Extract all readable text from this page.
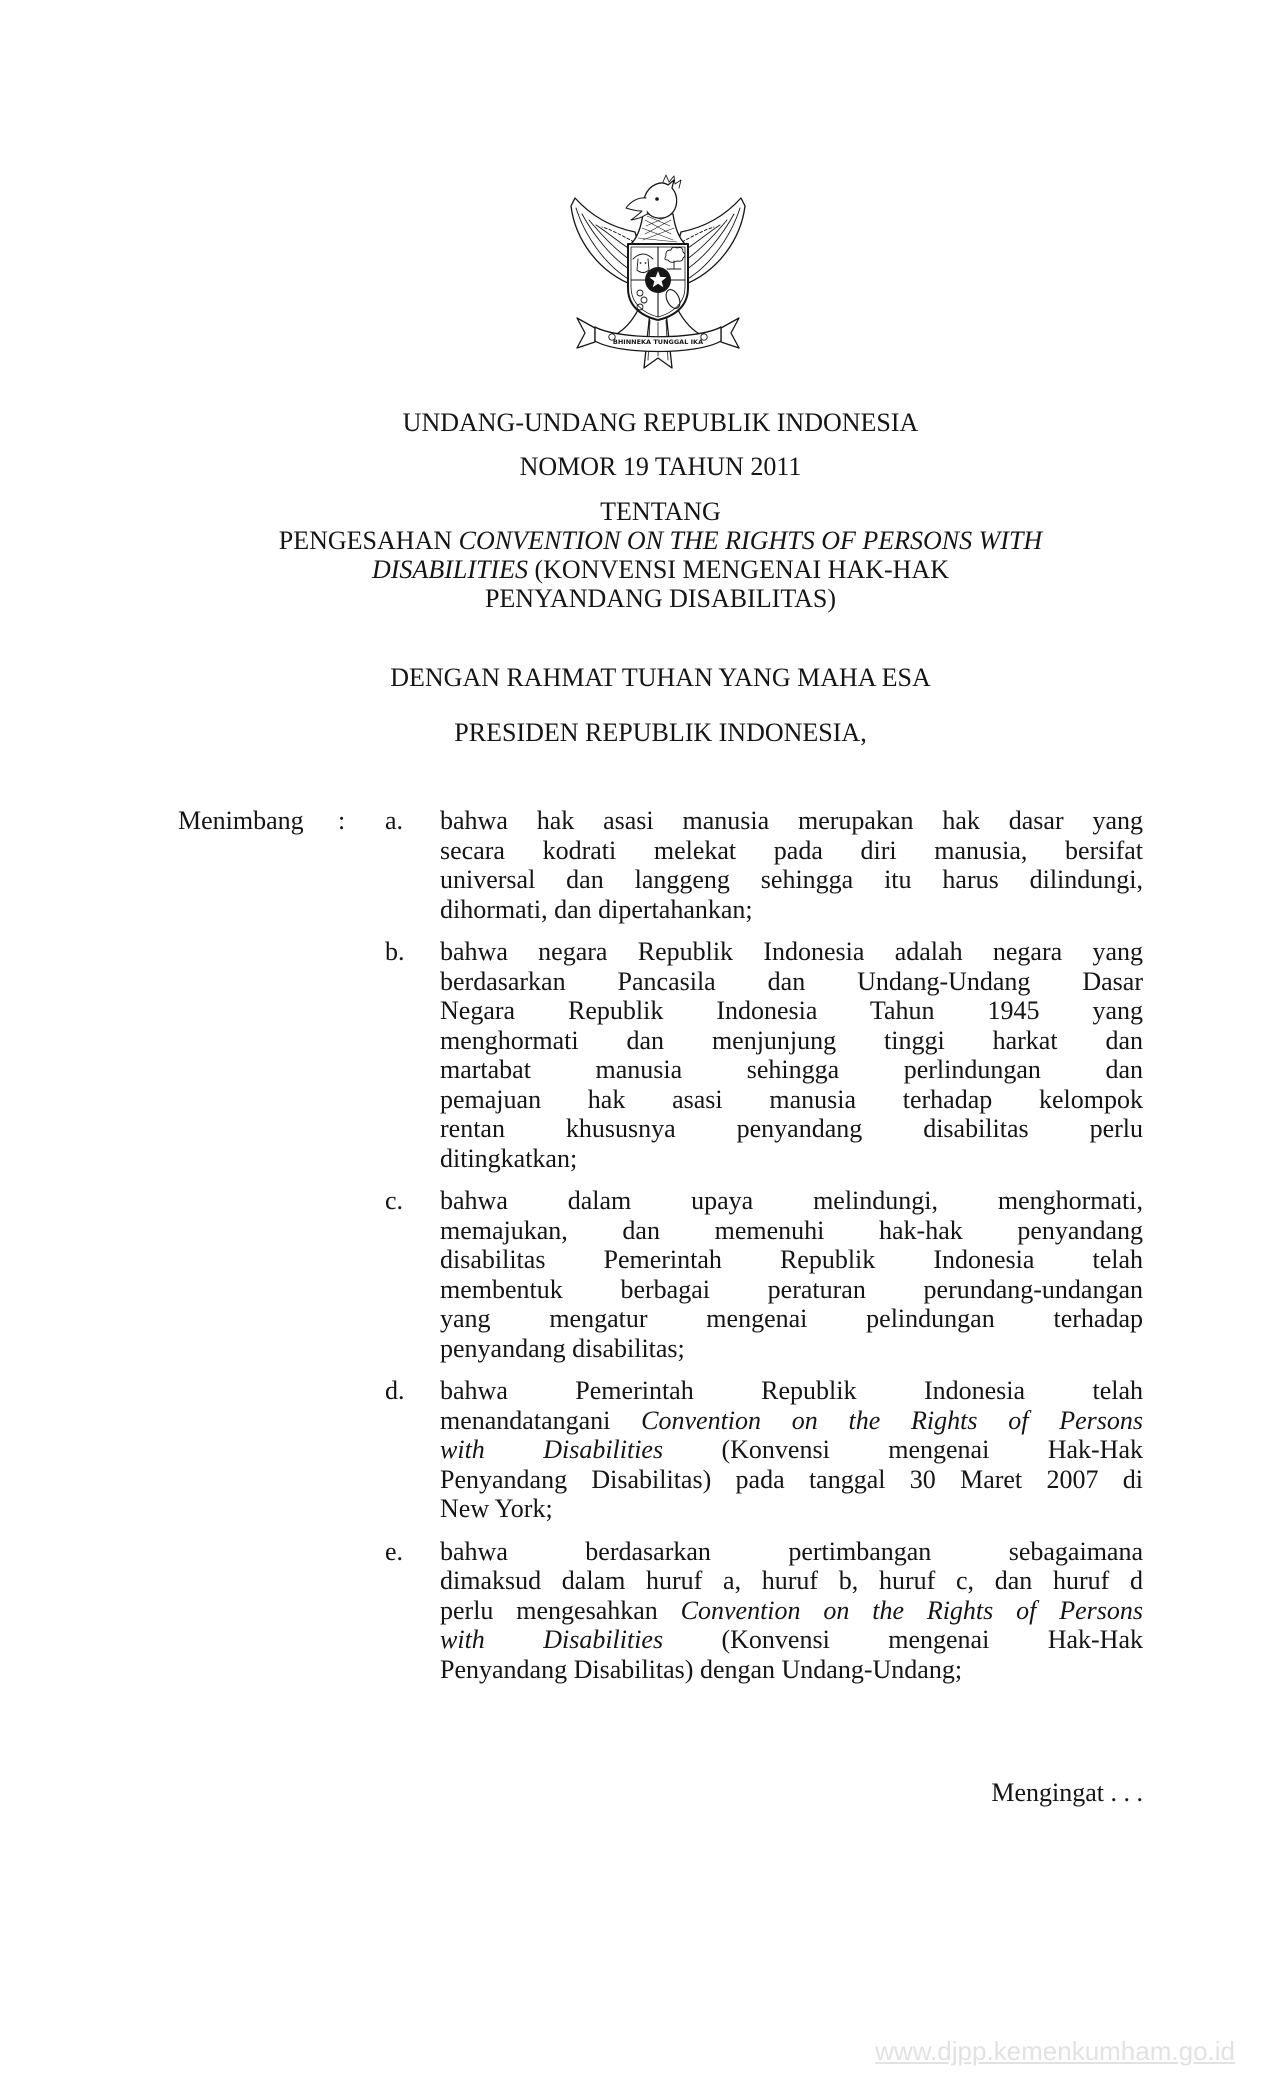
BHINNEKA TUNGGAL IKA
UNDANG-UNDANG REPUBLIK INDONESIA
NOMOR 19 TAHUN 2011
TENTANG
PENGESAHAN CONVENTION ON THE RIGHTS OF PERSONS WITH
DISABILITIES (KONVENSI MENGENAI HAK-HAK
PENYANDANG DISABILITAS)
DENGAN RAHMAT TUHAN YANG MAHA ESA
PRESIDEN REPUBLIK INDONESIA,
Menimbang : a.	bahwa hak asasi manusia merupakan hak dasar yang
secara kodrati melekat pada diri manusia, bersifat
universal dan langgeng sehingga itu harus dilindungi,
dihormati, dan dipertahankan;
b.	bahwa negara Republik Indonesia adalah negara yang
berdasarkan Pancasila dan Undang-Undang Dasar
Negara Republik Indonesia Tahun 1945 yang
menghormati dan menjunjung tinggi harkat dan
martabat manusia sehingga perlindungan dan
pemajuan hak asasi manusia terhadap kelompok
rentan khususnya penyandang disabilitas perlu
ditingkatkan;
c.	bahwa dalam upaya melindungi, menghormati,
memajukan, dan memenuhi hak-hak penyandang
disabilitas Pemerintah Republik Indonesia telah
membentuk berbagai peraturan perundang-undangan
yang mengatur mengenai pelindungan terhadap
penyandang disabilitas;
d.	bahwa Pemerintah Republik Indonesia telah
menandatangani Convention on the Rights of Persons
with Disabilities (Konvensi mengenai Hak-Hak
Penyandang Disabilitas) pada tanggal 30 Maret 2007 di
New York;
e.	bahwa berdasarkan pertimbangan sebagaimana
dimaksud dalam huruf a, huruf b, huruf c, dan huruf d
perlu mengesahkan Convention on the Rights of Persons
with Disabilities (Konvensi mengenai Hak-Hak
Penyandang Disabilitas) dengan Undang-Undang;
Mengingat . . .
www.djpp.kemenkumham.go.id
